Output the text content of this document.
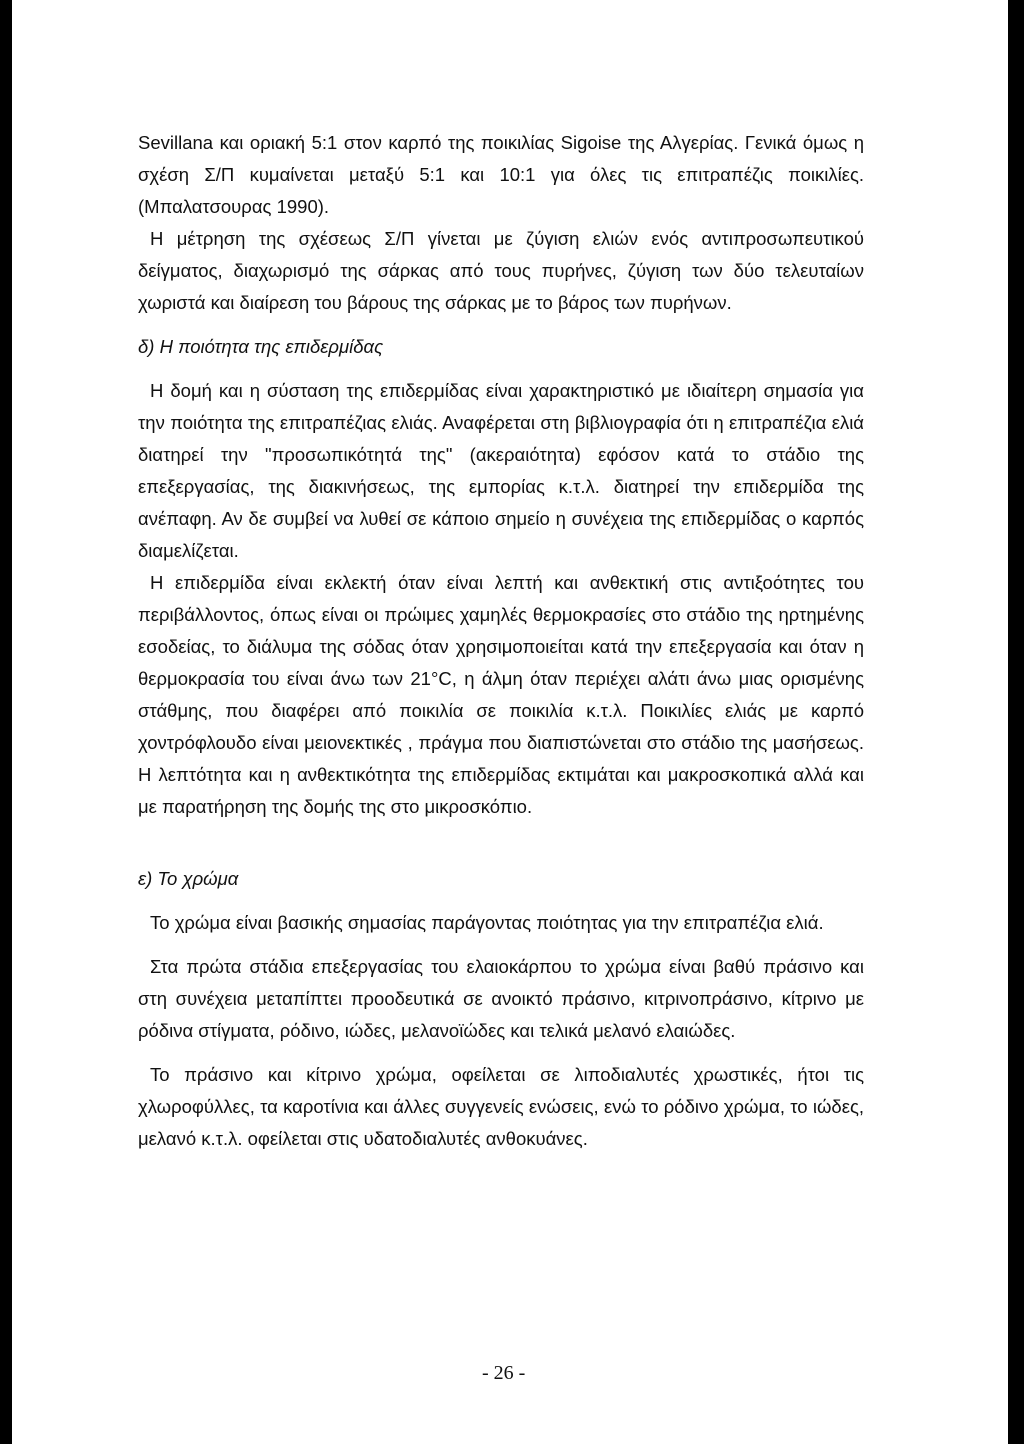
Sevillana και οριακή 5:1 στον καρπό της ποικιλίας Sigoise της Αλγερίας. Γενικά όμως η σχέση Σ/Π κυμαίνεται μεταξύ 5:1 και 10:1 για όλες τις επιτραπέζις ποικιλίες.(Μπαλατσουρας 1990).

Η μέτρηση της σχέσεως Σ/Π γίνεται με ζύγιση ελιών ενός αντιπροσωπευτικού δείγματος, διαχωρισμό της σάρκας από τους πυρήνες, ζύγιση των δύο τελευταίων χωριστά και διαίρεση του βάρους της σάρκας με το βάρος των πυρήνων.

δ) Η ποιότητα της επιδερμίδας

Η δομή και η σύσταση της επιδερμίδας είναι χαρακτηριστικό με ιδιαίτερη σημασία για την ποιότητα της επιτραπέζιας ελιάς. Αναφέρεται στη βιβλιογραφία ότι η επιτραπέζια ελιά διατηρεί την "προσωπικότητά της" (ακεραιότητα) εφόσον κατά το στάδιο της επεξεργασίας, της διακινήσεως, της εμπορίας κ.τ.λ. διατηρεί την επιδερμίδα της ανέπαφη. Αν δε συμβεί να λυθεί σε κάποιο σημείο η συνέχεια της επιδερμίδας ο καρπός διαμελίζεται.

Η επιδερμίδα είναι εκλεκτή όταν είναι λεπτή και ανθεκτική στις αντιξοότητες του περιβάλλοντος, όπως είναι οι πρώιμες χαμηλές θερμοκρασίες στο στάδιο της ηρτημένης εσοδείας, το διάλυμα της σόδας όταν χρησιμοποιείται κατά την επεξεργασία και όταν η θερμοκρασία του είναι άνω των 21°C, η άλμη όταν περιέχει αλάτι άνω μιας ορισμένης στάθμης, που διαφέρει από ποικιλία σε ποικιλία κ.τ.λ. Ποικιλίες ελιάς με καρπό χοντρόφλουδο είναι μειονεκτικές , πράγμα που διαπιστώνεται στο στάδιο της μασήσεως. Η λεπτότητα και η ανθεκτικότητα της επιδερμίδας εκτιμάται και μακροσκοπικά αλλά και με παρατήρηση της δομής της στο μικροσκόπιο.

ε) Το χρώμα

Το χρώμα είναι βασικής σημασίας παράγοντας ποιότητας για την επιτραπέζια ελιά.

Στα πρώτα στάδια επεξεργασίας του ελαιοκάρπου το χρώμα είναι βαθύ πράσινο και στη συνέχεια μεταπίπτει προοδευτικά σε ανοικτό πράσινο, κιτρινοπράσινο, κίτρινο με ρόδινα στίγματα, ρόδινο, ιώδες, μελανοϊώδες και τελικά μελανό ελαιώδες.

Το πράσινο και κίτρινο χρώμα, οφείλεται σε λιποδιαλυτές χρωστικές, ήτοι τις χλωροφύλλες, τα καροτίνια και άλλες συγγενείς ενώσεις, ενώ το ρόδινο χρώμα, το ιώδες, μελανό κ.τ.λ. οφείλεται στις υδατοδιαλυτές ανθοκυάνες.

- 26 -
